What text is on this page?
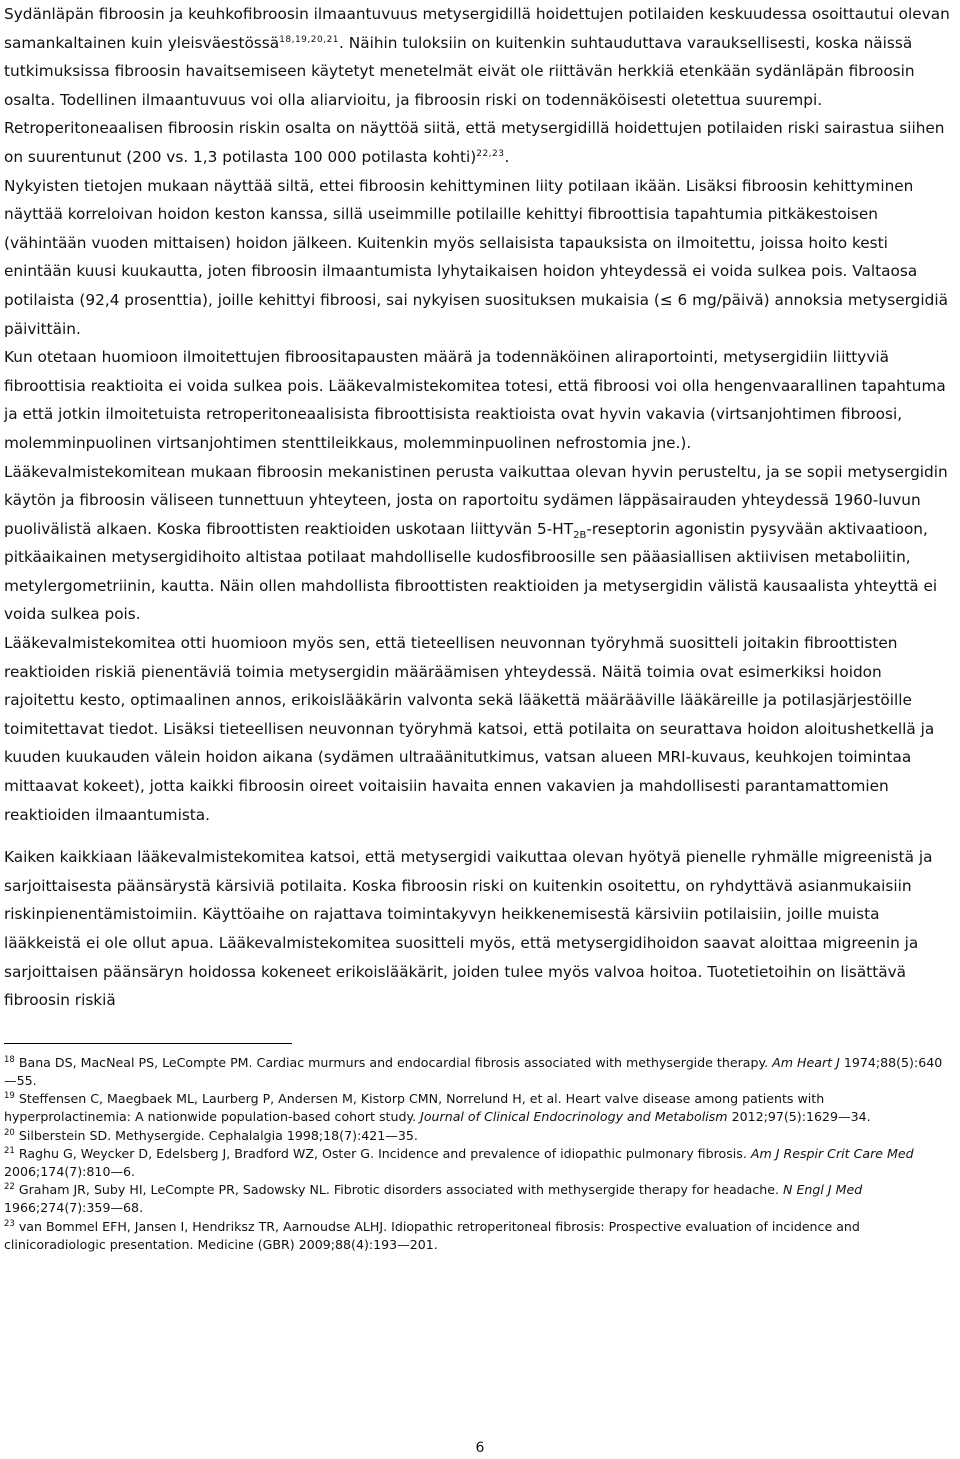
Sydänläpän fibroosin ja keuhkofibroosin ilmaantuvuus metysergidillä hoidettujen potilaiden keskuudessa osoittautui olevan samankaltainen kuin yleisväestössä$^{18,19,20,21}$. Näihin tuloksiin on kuitenkin suhtauduttava varauksellisesti, koska näissä tutkimuksissa fibroosin havaitsemiseen käytetyt menetelmät eivät ole riittävän herkkiä etenkään sydänläpän fibroosin osalta. Todellinen ilmaantuvuus voi olla aliarvioitu, ja fibroosin riski on todennäköisesti oletettua suurempi. Retroperitoneaalisen fibroosin riskin osalta on näyttöä siitä, että metysergidillä hoidettujen potilaiden riski sairastua siihen on suurentunut (200 vs. 1,3 potilasta 100 000 potilasta kohti)$^{22,23}$.

Nykyisten tietojen mukaan näyttää siltä, ettei fibroosin kehittyminen liity potilaan ikään. Lisäksi fibroosin kehittyminen näyttää korreloivan hoidon keston kanssa, sillä useimmille potilaille kehittyi fibroottisia tapahtumia pitkäkestoisen (vähintään vuoden mittaisen) hoidon jälkeen. Kuitenkin myös sellaisista tapauksista on ilmoitettu, joissa hoito kesti enintään kuusi kuukautta, joten fibroosin ilmaantumista lyhytaikaisen hoidon yhteydessä ei voida sulkea pois. Valtaosa potilaista (92,4 prosenttia), joille kehittyi fibroosi, sai nykyisen suosituksen mukaisia (≤ 6 mg/päivä) annoksia metysergidiä päivittäin.

Kun otetaan huomioon ilmoitettujen fibroositapausten määrä ja todennäköinen aliraportointi, metysergidiin liittyviä fibroottisia reaktioita ei voida sulkea pois. Lääkevalmistekomitea totesi, että fibroosi voi olla hengenvaarallinen tapahtuma ja että jotkin ilmoitetuista retroperitoneaalisista fibroottisista reaktioista ovat hyvin vakavia (virtsanjohtimen fibroosi, molemminpuolinen virtsanjohtimen stenttileikkaus, molemminpuolinen nefrostomia jne.).

Lääkevalmistekomitean mukaan fibroosin mekanistinen perusta vaikuttaa olevan hyvin perusteltu, ja se sopii metysergidin käytön ja fibroosin väliseen tunnettuun yhteyteen, josta on raportoitu sydämen läppäsairauden yhteydessä 1960-luvun puolivälistä alkaen. Koska fibroottisten reaktioiden uskotaan liittyvän $5-HT_{2B}$-reseptorin agonistin pysyvään aktivaatioon, pitkäaikainen metysergidihoito altistaa potilaat mahdolliselle kudosfibroosille sen pääasiallisen aktiivisen metaboliitin, metylergometriinin, kautta. Näin ollen mahdollista fibroottisten reaktioiden ja metysergidin välistä kausaalista yhteyttä ei voida sulkea pois.

Lääkevalmistekomitea otti huomioon myös sen, että tieteellisen neuvonnan työryhmä suositteli joitakin fibroottisten reaktioiden riskiä pienentäviä toimia metysergidin määräämisen yhteydessä. Näitä toimia ovat esimerkiksi hoidon rajoitettu kesto, optimaalinen annos, erikoislääkärin valvonta sekä lääkettä määrääville lääkäreille ja potilasjärjestöille toimitettavat tiedot. Lisäksi tieteellisen neuvonnan työryhmä katsoi, että potilaita on seurattava hoidon aloitushetkellä ja kuuden kuukauden välein hoidon aikana (sydämen ultraäänitutkimus, vatsan alueen MRI-kuvaus, keuhkojen toimintaa mittaavat kokeet), jotta kaikki fibroosin oireet voitaisiin havaita ennen vakavien ja mahdollisesti parantamattomien reaktioiden ilmaantumista.

Kaiken kaikkiaan lääkevalmistekomitea katsoi, että metysergidi vaikuttaa olevan hyötyä pienelle ryhmälle migreenistä ja sarjoittaisesta päänsärystä kärsiviä potilaita. Koska fibroosin riski on kuitenkin osoitettu, on ryhdyttävä asianmukaisiin riskinpienentämistoimiin. Käyttöaihe on rajattava toimintakyvyn heikkenemisestä kärsiviin potilaisiin, joille muista lääkkeistä ei ole ollut apua. Lääkevalmistekomitea suositteli myös, että metysergidihoidon saavat aloittaa migreenin ja sarjoittaisen päänsäryn hoidossa kokeneet erikoislääkärit, joiden tulee myös valvoa hoitoa. Tuotetietoihin on lisättävä fibroosin riskiä

$^{18}$ Bana DS, MacNeal PS, LeCompte PM. Cardiac murmurs and endocardial fibrosis associated with methysergide therapy. Am Heart J 1974;88(5):640—55.

$^{19}$ Steffensen C, Maegbaek ML, Laurberg P, Andersen M, Kistorp CMN, Norrelund H, et al. Heart valve disease among patients with hyperprolactinemia: A nationwide population-based cohort study. Journal of Clinical Endocrinology and Metabolism 2012;97(5):1629—34.

$^{20}$ Silberstein SD. Methysergide. Cephalalgia 1998;18(7):421—35.

$^{21}$ Raghu G, Weycker D, Edelsberg J, Bradford WZ, Oster G. Incidence and prevalence of idiopathic pulmonary fibrosis. Am J Respir Crit Care Med 2006;174(7):810—6.

$^{22}$ Graham JR, Suby HI, LeCompte PR, Sadowsky NL. Fibrotic disorders associated with methysergide therapy for headache. N Engl J Med 1966;274(7):359—68.

$^{23}$ van Bommel EFH, Jansen I, Hendriksz TR, Aarnoudse ALHJ. Idiopathic retroperitoneal fibrosis: Prospective evaluation of incidence and clinicoradiologic presentation. Medicine (GBR) 2009;88(4):193—201.

6
